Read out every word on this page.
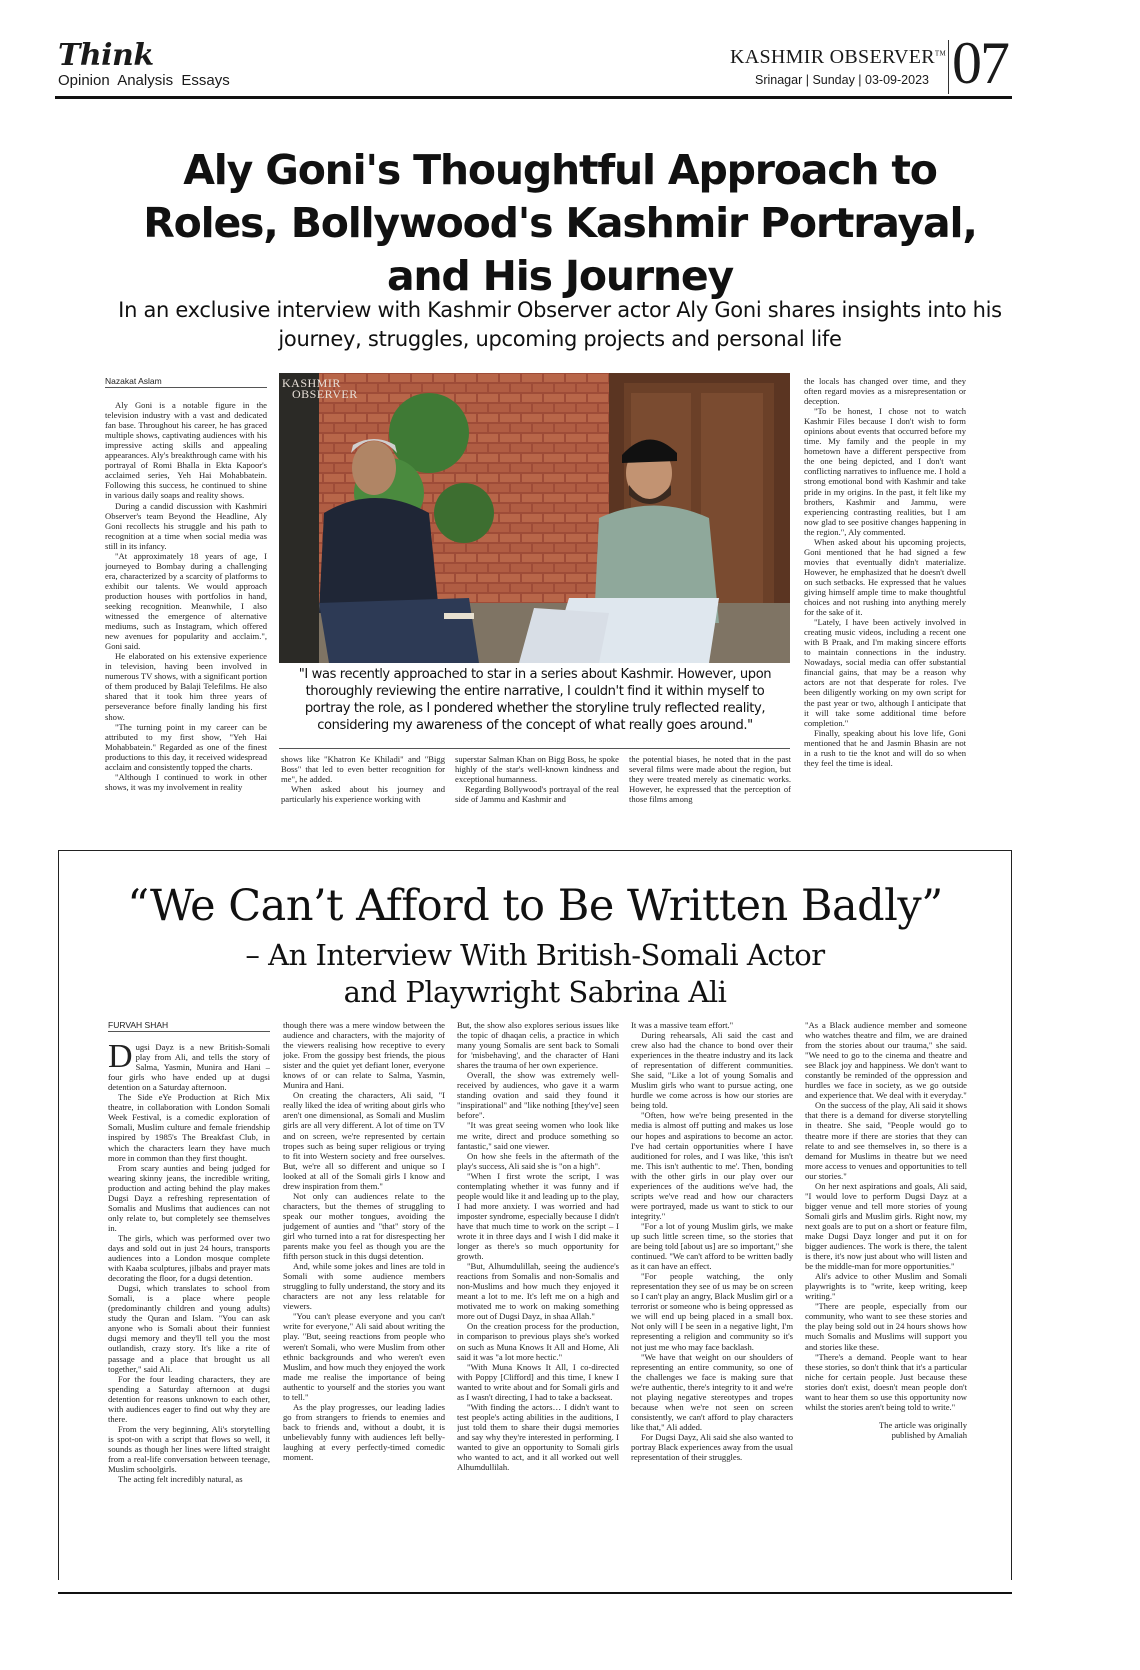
Think
Opinion  Analysis  Essays
KASHMIR OBSERVER™
Srinagar | Sunday | 03-09-2023 07
Aly Goni's Thoughtful Approach to Roles, Bollywood's Kashmir Portrayal, and His Journey
In an exclusive interview with Kashmir Observer actor Aly Goni shares insights into his journey, struggles, upcoming projects and personal life
Nazakat Aslam

Aly Goni is a notable figure in the television industry with a vast and dedicated fan base. Throughout his career, he has graced multiple shows, captivating audiences with his impressive acting skills and appealing appearances. Aly's breakthrough came with his portrayal of Romi Bhalla in Ekta Kapoor's acclaimed series, Yeh Hai Mohabbatein. Following this success, he continued to shine in various daily soaps and reality shows.

During a candid discussion with Kashmiri Observer's team Beyond the Headline, Aly Goni recollects his struggle and his path to recognition at a time when social media was still in its infancy.

"At approximately 18 years of age, I journeyed to Bombay during a challenging era, characterized by a scarcity of platforms to exhibit our talents. We would approach production houses with portfolios in hand, seeking recognition. Meanwhile, I also witnessed the emergence of alternative mediums, such as Instagram, which offered new avenues for popularity and acclaim.", Goni said.

He elaborated on his extensive experience in television, having been involved in numerous TV shows, with a significant portion of them produced by Balaji Telefilms. He also shared that it took him three years of perseverance before finally landing his first show.

"The turning point in my career can be attributed to my first show, "Yeh Hai Mohabbatein." Regarded as one of the finest productions to this day, it received widespread acclaim and consistently topped the charts.

"Although I continued to work in other shows, it was my involvement in reality

KASHMIR
OBSERVER
"I was recently approached to star in a series about Kashmir. However, upon thoroughly reviewing the entire narrative, I couldn't find it within myself to portray the role, as I pondered whether the storyline truly reflected reality, considering my awareness of the concept of what really goes around."

shows like "Khatron Ke Khiladi" and "Bigg Boss" that led to even better recognition for me", he added.

When asked about his journey and particularly his experience working with

superstar Salman Khan on Bigg Boss, he spoke highly of the star's well-known kindness and exceptional humanness.

Regarding Bollywood's portrayal of the real side of Jammu and Kashmir and

the potential biases, he noted that in the past several films were made about the region, but they were treated merely as cinematic works. However, he expressed that the perception of those films among

the locals has changed over time, and they often regard movies as a misrepresentation or deception.

"To be honest, I chose not to watch Kashmir Files because I don't wish to form opinions about events that occurred before my time. My family and the people in my hometown have a different perspective from the one being depicted, and I don't want conflicting narratives to influence me. I hold a strong emotional bond with Kashmir and take pride in my origins. In the past, it felt like my brothers, Kashmir and Jammu, were experiencing contrasting realities, but I am now glad to see positive changes happening in the region.", Aly commented.

When asked about his upcoming projects, Goni mentioned that he had signed a few movies that eventually didn't materialize. However, he emphasized that he doesn't dwell on such setbacks. He expressed that he values giving himself ample time to make thoughtful choices and not rushing into anything merely for the sake of it.

"Lately, I have been actively involved in creating music videos, including a recent one with B Praak, and I'm making sincere efforts to maintain connections in the industry. Nowadays, social media can offer substantial financial gains, that may be a reason why actors are not that desperate for roles. I've been diligently working on my own script for the past year or two, although I anticipate that it will take some additional time before completion."

Finally, speaking about his love life, Goni mentioned that he and Jasmin Bhasin are not in a rush to tie the knot and will do so when they feel the time is ideal.

“We Can’t Afford to Be Written Badly”
– An Interview With British-Somali Actor
and Playwright Sabrina Ali
FURVAH SHAH

Dugsi Dayz is a new British-Somali play from Ali, and tells the story of Salma, Yasmin, Munira and Hani – four girls who have ended up at dugsi detention on a Saturday afternoon.

The Side eYe Production at Rich Mix theatre, in collaboration with London Somali Week Festival, is a comedic exploration of Somali, Muslim culture and female friendship inspired by 1985's The Breakfast Club, in which the characters learn they have much more in common than they first thought.

From scary aunties and being judged for wearing skinny jeans, the incredible writing, production and acting behind the play makes Dugsi Dayz a refreshing representation of Somalis and Muslims that audiences can not only relate to, but completely see themselves in.

The girls, which was performed over two days and sold out in just 24 hours, transports audiences into a London mosque complete with Kaaba sculptures, jilbabs and prayer mats decorating the floor, for a dugsi detention.

Dugsi, which translates to school from Somali, is a place where people (predominantly children and young adults) study the Quran and Islam. "You can ask anyone who is Somali about their funniest dugsi memory and they'll tell you the most outlandish, crazy story. It's like a rite of passage and a place that brought us all together," said Ali.

For the four leading characters, they are spending a Saturday afternoon at dugsi detention for reasons unknown to each other, with audiences eager to find out why they are there.

From the very beginning, Ali's storytelling is spot-on with a script that flows so well, it sounds as though her lines were lifted straight from a real-life conversation between teenage, Muslim schoolgirls.

The acting felt incredibly natural, as

though there was a mere window between the audience and characters, with the majority of the viewers realising how receptive to every joke. From the gossipy best friends, the pious sister and the quiet yet defiant loner, everyone knows of or can relate to Salma, Yasmin, Munira and Hani.

On creating the characters, Ali said, "I really liked the idea of writing about girls who aren't one dimensional, as Somali and Muslim girls are all very different. A lot of time on TV and on screen, we're represented by certain tropes such as being super religious or trying to fit into Western society and free ourselves. But, we're all so different and unique so I looked at all of the Somali girls I know and drew inspiration from them."

Not only can audiences relate to the characters, but the themes of struggling to speak our mother tongues, avoiding the judgement of aunties and "that" story of the girl who turned into a rat for disrespecting her parents make you feel as though you are the fifth person stuck in this dugsi detention.

And, while some jokes and lines are told in Somali with some audience members struggling to fully understand, the story and its characters are not any less relatable for viewers.

"You can't please everyone and you can't write for everyone," Ali said about writing the play. "But, seeing reactions from people who weren't Somali, who were Muslim from other ethnic backgrounds and who weren't even Muslim, and how much they enjoyed the work made me realise the importance of being authentic to yourself and the stories you want to tell."

As the play progresses, our leading ladies go from strangers to friends to enemies and back to friends and, without a doubt, it is unbelievably funny with audiences left belly-laughing at every perfectly-timed comedic moment.

But, the show also explores serious issues like the topic of dhaqan celis, a practice in which many young Somalis are sent back to Somali for 'misbehaving', and the character of Hani shares the trauma of her own experience.

Overall, the show was extremely well-received by audiences, who gave it a warm standing ovation and said they found it "inspirational" and "like nothing [they've] seen before".

"It was great seeing women who look like me write, direct and produce something so fantastic," said one viewer.

On how she feels in the aftermath of the play's success, Ali said she is "on a high".

"When I first wrote the script, I was contemplating whether it was funny and if people would like it and leading up to the play, I had more anxiety. I was worried and had imposter syndrome, especially because I didn't have that much time to work on the script – I wrote it in three days and I wish I did make it longer as there's so much opportunity for growth.

"But, Alhumdulillah, seeing the audience's reactions from Somalis and non-Somalis and non-Muslims and how much they enjoyed it meant a lot to me. It's left me on a high and motivated me to work on making something more out of Dugsi Dayz, in shaa Allah."

On the creation process for the production, in comparison to previous plays she's worked on such as Muna Knows It All and Home, Ali said it was "a lot more hectic."

"With Muna Knows It All, I co-directed with Poppy [Clifford] and this time, I knew I wanted to write about and for Somali girls and as I wasn't directing, I had to take a backseat.

"With finding the actors… I didn't want to test people's acting abilities in the auditions, I just told them to share their dugsi memories and say why they're interested in performing. I wanted to give an opportunity to Somali girls who wanted to act, and it all worked out well Alhumdullilah.

It was a massive team effort."

During rehearsals, Ali said the cast and crew also had the chance to bond over their experiences in the theatre industry and its lack of representation of different communities. She said, "Like a lot of young Somalis and Muslim girls who want to pursue acting, one hurdle we come across is how our stories are being told.

"Often, how we're being presented in the media is almost off putting and makes us lose our hopes and aspirations to become an actor. I've had certain opportunities where I have auditioned for roles, and I was like, 'this isn't me. This isn't authentic to me'. Then, bonding with the other girls in our play over our experiences of the auditions we've had, the scripts we've read and how our characters were portrayed, made us want to stick to our integrity."

"For a lot of young Muslim girls, we make up such little screen time, so the stories that are being told [about us] are so important," she continued. "We can't afford to be written badly as it can have an effect.

"For people watching, the only representation they see of us may be on screen so I can't play an angry, Black Muslim girl or a terrorist or someone who is being oppressed as we will end up being placed in a small box. Not only will I be seen in a negative light, I'm representing a religion and community so it's not just me who may face backlash.

"We have that weight on our shoulders of representing an entire community, so one of the challenges we face is making sure that we're authentic, there's integrity to it and we're not playing negative stereotypes and tropes because when we're not seen on screen consistently, we can't afford to play characters like that," Ali added.

For Dugsi Dayz, Ali said she also wanted to portray Black experiences away from the usual representation of their struggles.

"As a Black audience member and someone who watches theatre and film, we are drained from the stories about our trauma," she said. "We need to go to the cinema and theatre and see Black joy and happiness. We don't want to constantly be reminded of the oppression and hurdles we face in society, as we go outside and experience that. We deal with it everyday."

On the success of the play, Ali said it shows that there is a demand for diverse storytelling in theatre. She said, "People would go to theatre more if there are stories that they can relate to and see themselves in, so there is a demand for Muslims in theatre but we need more access to venues and opportunities to tell our stories."

On her next aspirations and goals, Ali said, "I would love to perform Dugsi Dayz at a bigger venue and tell more stories of young Somali girls and Muslim girls. Right now, my next goals are to put on a short or feature film, make Dugsi Dayz longer and put it on for bigger audiences. The work is there, the talent is there, it's now just about who will listen and be the middle-man for more opportunities."

Ali's advice to other Muslim and Somali playwrights is to "write, keep writing, keep writing."

"There are people, especially from our community, who want to see these stories and the play being sold out in 24 hours shows how much Somalis and Muslims will support you and stories like these.

"There's a demand. People want to hear these stories, so don't think that it's a particular niche for certain people. Just because these stories don't exist, doesn't mean people don't want to hear them so use this opportunity now whilst the stories aren't being told to write."

The article was originally
published by Amaliah
